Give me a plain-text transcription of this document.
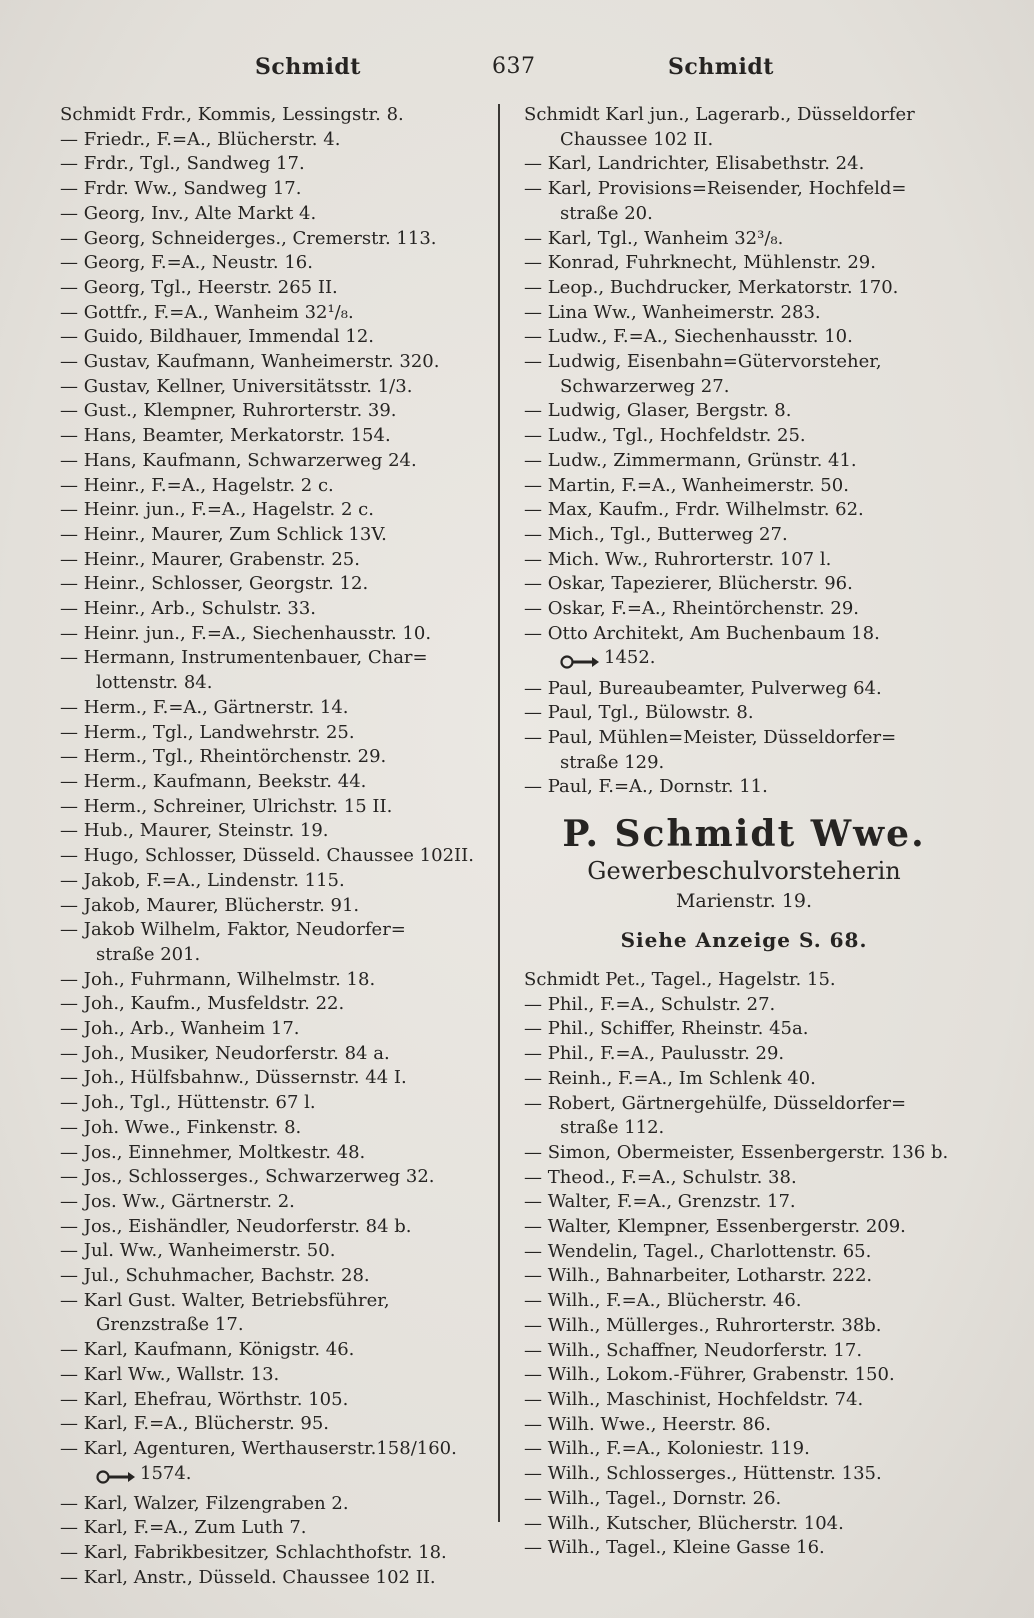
Schmidt	637	Schmidt
Schmidt Frdr., Kommis, Lessingstr. 8.
— Friedr., F.=A., Blücherstr. 4.
— Frdr., Tgl., Sandweg 17.
— Frdr. Ww., Sandweg 17.
— Georg, Inv., Alte Markt 4.
— Georg, Schneiderges., Cremerstr. 113.
— Georg, F.=A., Neustr. 16.
— Georg, Tgl., Heerstr. 265 II.
— Gottfr., F.=A., Wanheim 32¹/₈.
— Guido, Bildhauer, Immendal 12.
— Gustav, Kaufmann, Wanheimerstr. 320.
— Gustav, Kellner, Universitätsstr. 1/3.
— Gust., Klempner, Ruhrorterstr. 39.
— Hans, Beamter, Merkatorstr. 154.
— Hans, Kaufmann, Schwarzerweg 24.
— Heinr., F.=A., Hagelstr. 2 c.
— Heinr. jun., F.=A., Hagelstr. 2 c.
— Heinr., Maurer, Zum Schlick 13V.
— Heinr., Maurer, Grabenstr. 25.
— Heinr., Schlosser, Georgstr. 12.
— Heinr., Arb., Schulstr. 33.
— Heinr. jun., F.=A., Siechenhausstr. 10.
— Hermann, Instrumentenbauer, Char=
lottenstr. 84.
— Herm., F.=A., Gärtnerstr. 14.
— Herm., Tgl., Landwehrstr. 25.
— Herm., Tgl., Rheintörchenstr. 29.
— Herm., Kaufmann, Beekstr. 44.
— Herm., Schreiner, Ulrichstr. 15 II.
— Hub., Maurer, Steinstr. 19.
— Hugo, Schlosser, Düsseld. Chaussee 102II.
— Jakob, F.=A., Lindenstr. 115.
— Jakob, Maurer, Blücherstr. 91.
— Jakob Wilhelm, Faktor, Neudorfer=
straße 201.
— Joh., Fuhrmann, Wilhelmstr. 18.
— Joh., Kaufm., Musfeldstr. 22.
— Joh., Arb., Wanheim 17.
— Joh., Musiker, Neudorferstr. 84 a.
— Joh., Hülfsbahnw., Düssernstr. 44 I.
— Joh., Tgl., Hüttenstr. 67 l.
— Joh. Wwe., Finkenstr. 8.
— Jos., Einnehmer, Moltkestr. 48.
— Jos., Schlosserges., Schwarzerweg 32.
— Jos. Ww., Gärtnerstr. 2.
— Jos., Eishändler, Neudorferstr. 84 b.
— Jul. Ww., Wanheimerstr. 50.
— Jul., Schuhmacher, Bachstr. 28.
— Karl Gust. Walter, Betriebsführer,
Grenzstraße 17.
— Karl, Kaufmann, Königstr. 46.
— Karl Ww., Wallstr. 13.
— Karl, Ehefrau, Wörthstr. 105.
— Karl, F.=A., Blücherstr. 95.
— Karl, Agenturen, Werthauserstr.158/160.
1574.
— Karl, Walzer, Filzengraben 2.
— Karl, F.=A., Zum Luth 7.
— Karl, Fabrikbesitzer, Schlachthofstr. 18.
— Karl, Anstr., Düsseld. Chaussee 102 II.
Schmidt Karl jun., Lagerarb., Düsseldorfer
Chaussee 102 II.
— Karl, Landrichter, Elisabethstr. 24.
— Karl, Provisions=Reisender, Hochfeld=
straße 20.
— Karl, Tgl., Wanheim 32³/₈.
— Konrad, Fuhrknecht, Mühlenstr. 29.
— Leop., Buchdrucker, Merkatorstr. 170.
— Lina Ww., Wanheimerstr. 283.
— Ludw., F.=A., Siechenhausstr. 10.
— Ludwig, Eisenbahn=Gütervorsteher,
Schwarzerweg 27.
— Ludwig, Glaser, Bergstr. 8.
— Ludw., Tgl., Hochfeldstr. 25.
— Ludw., Zimmermann, Grünstr. 41.
— Martin, F.=A., Wanheimerstr. 50.
— Max, Kaufm., Frdr. Wilhelmstr. 62.
— Mich., Tgl., Butterweg 27.
— Mich. Ww., Ruhrorterstr. 107 l.
— Oskar, Tapezierer, Blücherstr. 96.
— Oskar, F.=A., Rheintörchenstr. 29.
— Otto Architekt, Am Buchenbaum 18.
1452.
— Paul, Bureaubeamter, Pulverweg 64.
— Paul, Tgl., Bülowstr. 8.
— Paul, Mühlen=Meister, Düsseldorfer=
straße 129.
— Paul, F.=A., Dornstr. 11.
P. Schmidt Wwe.
Gewerbeschulvorsteherin
Marienstr. 19.
Siehe Anzeige S. 68.
Schmidt Pet., Tagel., Hagelstr. 15.
— Phil., F.=A., Schulstr. 27.
— Phil., Schiffer, Rheinstr. 45a.
— Phil., F.=A., Paulusstr. 29.
— Reinh., F.=A., Im Schlenk 40.
— Robert, Gärtnergehülfe, Düsseldorfer=
straße 112.
— Simon, Obermeister, Essenbergerstr. 136 b.
— Theod., F.=A., Schulstr. 38.
— Walter, F.=A., Grenzstr. 17.
— Walter, Klempner, Essenbergerstr. 209.
— Wendelin, Tagel., Charlottenstr. 65.
— Wilh., Bahnarbeiter, Lotharstr. 222.
— Wilh., F.=A., Blücherstr. 46.
— Wilh., Müllerges., Ruhrorterstr. 38b.
— Wilh., Schaffner, Neudorferstr. 17.
— Wilh., Lokom.-Führer, Grabenstr. 150.
— Wilh., Maschinist, Hochfeldstr. 74.
— Wilh. Wwe., Heerstr. 86.
— Wilh., F.=A., Koloniestr. 119.
— Wilh., Schlosserges., Hüttenstr. 135.
— Wilh., Tagel., Dornstr. 26.
— Wilh., Kutscher, Blücherstr. 104.
— Wilh., Tagel., Kleine Gasse 16.
